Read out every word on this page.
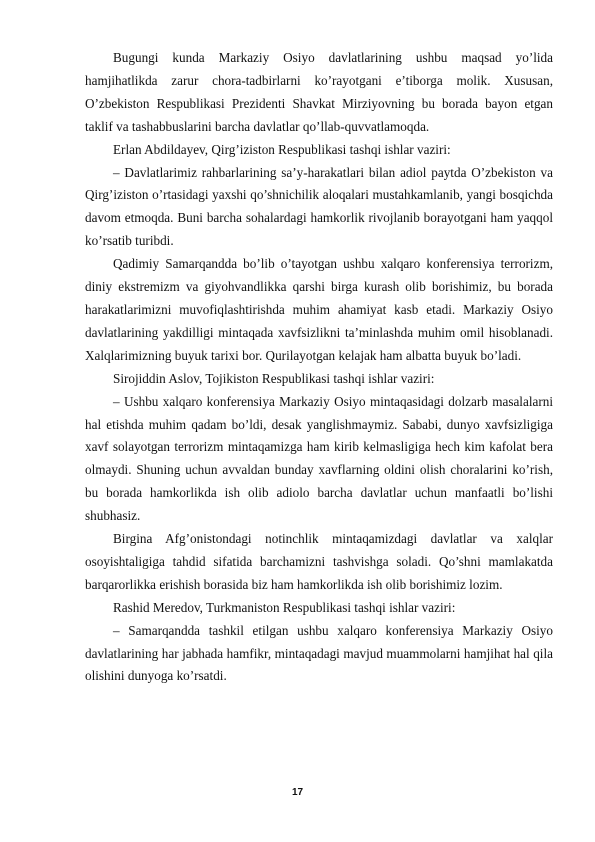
Bugungi kunda Markaziy Osiyo davlatlarining ushbu maqsad yo’lida hamjihatlikda zarur chora-tadbirlarni ko’rayotgani e’tiborga molik. Xususan, O’zbekiston Respublikasi Prezidenti Shavkat Mirziyovning bu borada bayon etgan taklif va tashabbuslarini barcha davlatlar qo’llab-quvvatlamoqda.

Erlan Abdildayev, Qirg’iziston Respublikasi tashqi ishlar vaziri:

– Davlatlarimiz rahbarlarining sa’y-harakatlari bilan adiol paytda O’zbekiston va Qirg’iziston o’rtasidagi yaxshi qo’shnichilik aloqalari mustahkamlanib, yangi bosqichda davom etmoqda. Buni barcha sohalardagi hamkorlik rivojlanib borayotgani ham yaqqol ko’rsatib turibdi.

Qadimiy Samarqandda bo’lib o’tayotgan ushbu xalqaro konferensiya terrorizm, diniy ekstremizm va giyohvandlikka qarshi birga kurash olib borishimiz, bu borada harakatlarimizni muvofiqlashtirishda muhim ahamiyat kasb etadi. Markaziy Osiyo davlatlarining yakdilligi mintaqada xavfsizlikni ta’minlashda muhim omil hisoblanadi. Xalqlarimizning buyuk tarixi bor. Qurilayotgan kelajak ham albatta buyuk bo’ladi.

Sirojiddin Aslov, Tojikiston Respublikasi tashqi ishlar vaziri:

– Ushbu xalqaro konferensiya Markaziy Osiyo mintaqasidagi dolzarb masalalarni hal etishda muhim qadam bo’ldi, desak yanglishmaymiz. Sababi, dunyo xavfsizligiga xavf solayotgan terrorizm mintaqamizga ham kirib kelmasligiga hech kim kafolat bera olmaydi. Shuning uchun avvaldan bunday xavflarning oldini olish choralarini ko’rish, bu borada hamkorlikda ish olib adiolo barcha davlatlar uchun manfaatli bo’lishi shubhasiz.

Birgina Afg’onistondagi notinchlik mintaqamizdagi davlatlar va xalqlar osoyishtaligiga tahdid sifatida barchamizni tashvishga soladi. Qo’shni mamlakatda barqarorlikka erishish borasida biz ham hamkorlikda ish olib borishimiz lozim.

Rashid Meredov, Turkmaniston Respublikasi tashqi ishlar vaziri:

– Samarqandda tashkil etilgan ushbu xalqaro konferensiya Markaziy Osiyo davlatlarining har jabhada hamfikr, mintaqadagi mavjud muammolarni hamjihat hal qila olishini dunyoga ko’rsatdi.

17
